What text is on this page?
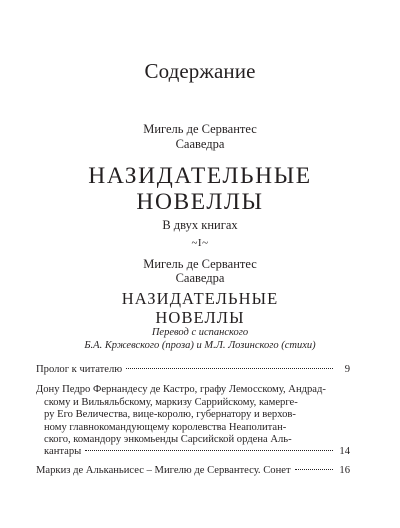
Содержание
Мигель де Сервантес
Сааведра
НАЗИДАТЕЛЬНЫЕ
НОВЕЛЛЫ
В двух книгах
~I~
Мигель де Сервантес
Сааведра
НАЗИДАТЕЛЬНЫЕ
НОВЕЛЛЫ
Перевод с испанского
Б.А. Кржевского (проза) и М.Л. Лозинского (стихи)
Пролог к читателю	9
Дону Педро Фернандесу де Кастро, графу Лемосскому, Андрад-
скому и Вильяльбскому, маркизу Саррийскому, камерге-
ру Его Величества, вице-королю, губернатору и верхов-
ному главнокомандующему королевства Неаполитан-
ского, командору энкомьенды Сарсийской ордена Аль-
кантары	14
Маркиз де Альканьисес – Мигелю де Сервантесу. Сонет	16
